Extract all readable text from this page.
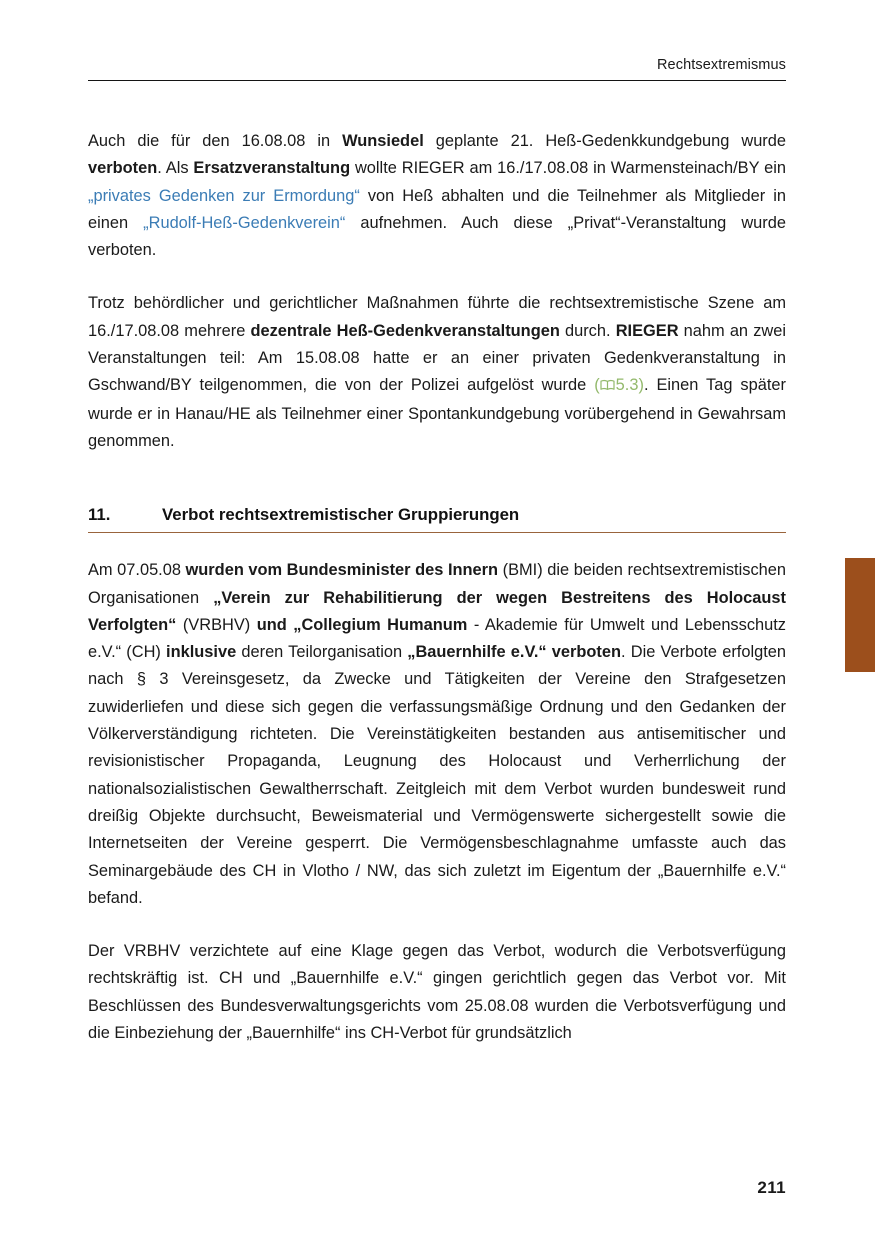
Rechtsextremismus

Auch die für den 16.08.08 in Wunsiedel geplante 21. Heß-Gedenkkundgebung wurde verboten. Als Ersatzveranstaltung wollte RIEGER am 16./17.08.08 in Warmensteinach/BY ein „privates Gedenken zur Ermordung“ von Heß abhalten und die Teilnehmer als Mitglieder in einen „Rudolf-Heß-Gedenkverein“ aufnehmen. Auch diese „Privat“-Veranstaltung wurde verboten.

Trotz behördlicher und gerichtlicher Maßnahmen führte die rechtsextremistische Szene am 16./17.08.08 mehrere dezentrale Heß-Gedenkveranstaltungen durch. RIEGER nahm an zwei Veranstaltungen teil: Am 15.08.08 hatte er an einer privaten Gedenkveranstaltung in Gschwand/BY teilgenommen, die von der Polizei aufgelöst wurde ( 5.3). Einen Tag später wurde er in Hanau/HE als Teilnehmer einer Spontankundgebung vorübergehend in Gewahrsam genommen.

11.	Verbot rechtsextremistischer Gruppierungen

Am 07.05.08 wurden vom Bundesminister des Innern (BMI) die beiden rechtsextremistischen Organisationen „Verein zur Rehabilitierung der wegen Bestreitens des Holocaust Verfolgten“ (VRBHV) und „Collegium Humanum - Akademie für Umwelt und Lebensschutz e.V.“ (CH) inklusive deren Teilorganisation „Bauernhilfe e.V.“ verboten. Die Verbote erfolgten nach § 3 Vereinsgesetz, da Zwecke und Tätigkeiten der Vereine den Strafgesetzen zuwiderliefen und diese sich gegen die verfassungsmäßige Ordnung und den Gedanken der Völkerverständigung richteten. Die Vereinstätigkeiten bestanden aus antisemitischer und revisionistischer Propaganda, Leugnung des Holocaust und Verherrlichung der nationalsozialistischen Gewaltherrschaft. Zeitgleich mit dem Verbot wurden bundesweit rund dreißig Objekte durchsucht, Beweismaterial und Vermögenswerte sichergestellt sowie die Internetseiten der Vereine gesperrt. Die Vermögensbeschlagnahme umfasste auch das Seminargebäude des CH in Vlotho / NW, das sich zuletzt im Eigentum der „Bauernhilfe e.V.“ befand.

Der VRBHV verzichtete auf eine Klage gegen das Verbot, wodurch die Verbotsverfügung rechtskräftig ist. CH und „Bauernhilfe e.V.“ gingen gerichtlich gegen das Verbot vor. Mit Beschlüssen des Bundesverwaltungsgerichts vom 25.08.08 wurden die Verbotsverfügung und die Einbeziehung der „Bauernhilfe“ ins CH-Verbot für grundsätzlich

211
